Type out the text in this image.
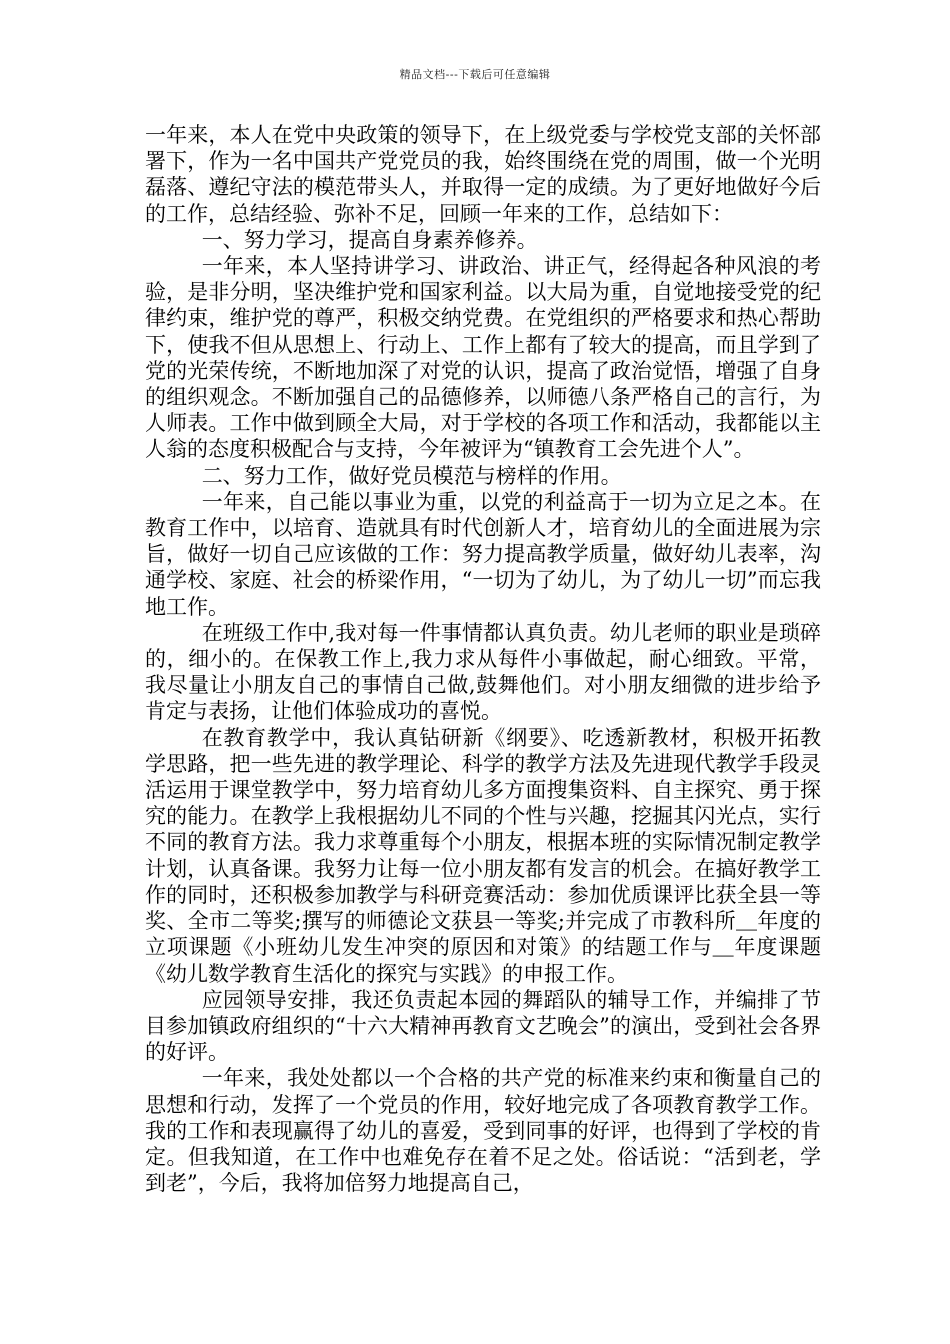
精品文档---下载后可任意编辑

一年来，本人在党中央政策的领导下，在上级党委与学校党支部的关怀部署下，作为一名中国共产党党员的我，始终围绕在党的周围，做一个光明磊落、遵纪守法的模范带头人，并取得一定的成绩。为了更好地做好今后的工作，总结经验、弥补不足，回顾一年来的工作，总结如下：

一、努力学习，提高自身素养修养。

一年来，本人坚持讲学习、讲政治、讲正气，经得起各种风浪的考验，是非分明，坚决维护党和国家利益。以大局为重，自觉地接受党的纪律约束，维护党的尊严，积极交纳党费。在党组织的严格要求和热心帮助下，使我不但从思想上、行动上、工作上都有了较大的提高，而且学到了党的光荣传统，不断地加深了对党的认识，提高了政治觉悟，增强了自身的组织观念。不断加强自己的品德修养，以师德八条严格自己的言行，为人师表。工作中做到顾全大局，对于学校的各项工作和活动，我都能以主人翁的态度积极配合与支持，今年被评为“镇教育工会先进个人”。

二、努力工作，做好党员模范与榜样的作用。

一年来，自己能以事业为重，以党的利益高于一切为立足之本。在教育工作中，以培育、造就具有时代创新人才，培育幼儿的全面进展为宗旨，做好一切自己应该做的工作：努力提高教学质量，做好幼儿表率，沟通学校、家庭、社会的桥梁作用，“一切为了幼儿，为了幼儿一切”而忘我地工作。

在班级工作中,我对每一件事情都认真负责。幼儿老师的职业是琐碎的，细小的。在保教工作上,我力求从每件小事做起，耐心细致。平常，我尽量让小朋友自己的事情自己做,鼓舞他们。对小朋友细微的进步给予肯定与表扬，让他们体验成功的喜悦。

在教育教学中，我认真钻研新《纲要》、吃透新教材，积极开拓教学思路，把一些先进的教学理论、科学的教学方法及先进现代教学手段灵活运用于课堂教学中，努力培育幼儿多方面搜集资料、自主探究、勇于探究的能力。在教学上我根据幼儿不同的个性与兴趣，挖掘其闪光点，实行不同的教育方法。我力求尊重每个小朋友，根据本班的实际情况制定教学计划，认真备课。我努力让每一位小朋友都有发言的机会。在搞好教学工作的同时，还积极参加教学与科研竞赛活动：参加优质课评比获全县一等奖、全市二等奖;撰写的师德论文获县一等奖;并完成了市教科所＿年度的立项课题《小班幼儿发生冲突的原因和对策》的结题工作与＿年度课题《幼儿数学教育生活化的探究与实践》的申报工作。

应园领导安排，我还负责起本园的舞蹈队的辅导工作，并编排了节目参加镇政府组织的“十六大精神再教育文艺晚会”的演出，受到社会各界的好评。

一年来，我处处都以一个合格的共产党的标准来约束和衡量自己的思想和行动，发挥了一个党员的作用，较好地完成了各项教育教学工作。我的工作和表现赢得了幼儿的喜爱，受到同事的好评，也得到了学校的肯定。但我知道，在工作中也难免存在着不足之处。俗话说：“活到老，学到老”，今后，我将加倍努力地提高自己，
